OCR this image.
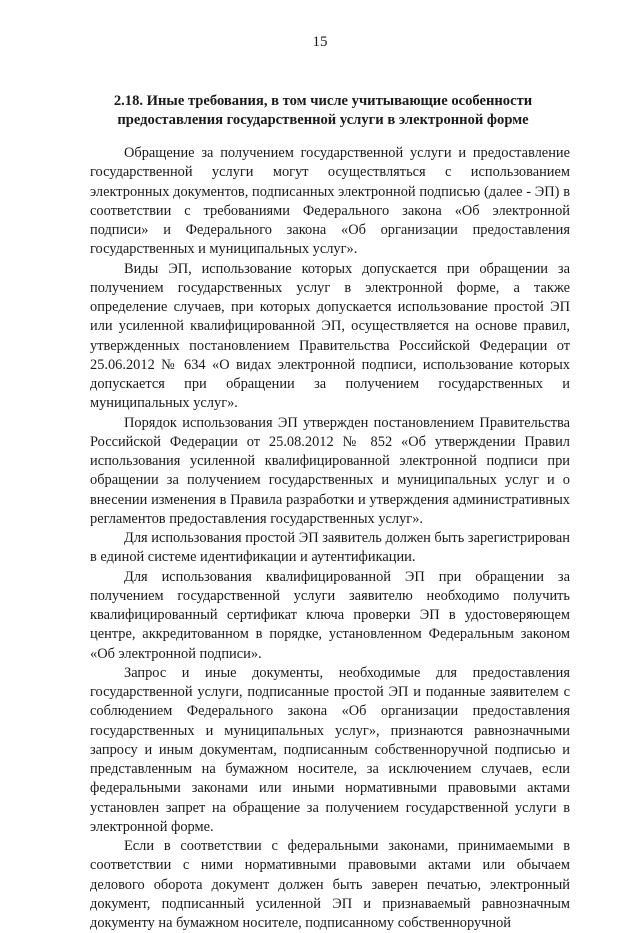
15
2.18. Иные требования, в том числе учитывающие особенности
предоставления государственной услуги в электронной форме

Обращение за получением государственной услуги и предоставление государственной услуги могут осуществляться с использованием электронных документов, подписанных электронной подписью (далее - ЭП) в соответствии с требованиями Федерального закона «Об электронной подписи» и Федерального закона «Об организации предоставления государственных и муниципальных услуг».

Виды ЭП, использование которых допускается при обращении за получением государственных услуг в электронной форме, а также определение случаев, при которых допускается использование простой ЭП или усиленной квалифицированной ЭП, осуществляется на основе правил, утвержденных постановлением Правительства Российской Федерации от 25.06.2012 № 634 «О видах электронной подписи, использование которых допускается при обращении за получением государственных и муниципальных услуг».

Порядок использования ЭП утвержден постановлением Правительства Российской Федерации от 25.08.2012 № 852 «Об утверждении Правил использования усиленной квалифицированной электронной подписи при обращении за получением государственных и муниципальных услуг и о внесении изменения в Правила разработки и утверждения административных регламентов предоставления государственных услуг».

Для использования простой ЭП заявитель должен быть зарегистрирован в единой системе идентификации и аутентификации.

Для использования квалифицированной ЭП при обращении за получением государственной услуги заявителю необходимо получить квалифицированный сертификат ключа проверки ЭП в удостоверяющем центре, аккредитованном в порядке, установленном Федеральным законом «Об электронной подписи».

Запрос и иные документы, необходимые для предоставления государственной услуги, подписанные простой ЭП и поданные заявителем с соблюдением Федерального закона «Об организации предоставления государственных и муниципальных услуг», признаются равнозначными запросу и иным документам, подписанным собственноручной подписью и представленным на бумажном носителе, за исключением случаев, если федеральными законами или иными нормативными правовыми актами установлен запрет на обращение за получением государственной услуги в электронной форме.

Если в соответствии с федеральными законами, принимаемыми в соответствии с ними нормативными правовыми актами или обычаем делового оборота документ должен быть заверен печатью, электронный документ, подписанный усиленной ЭП и признаваемый равнозначным документу на бумажном носителе, подписанному собственноручной
